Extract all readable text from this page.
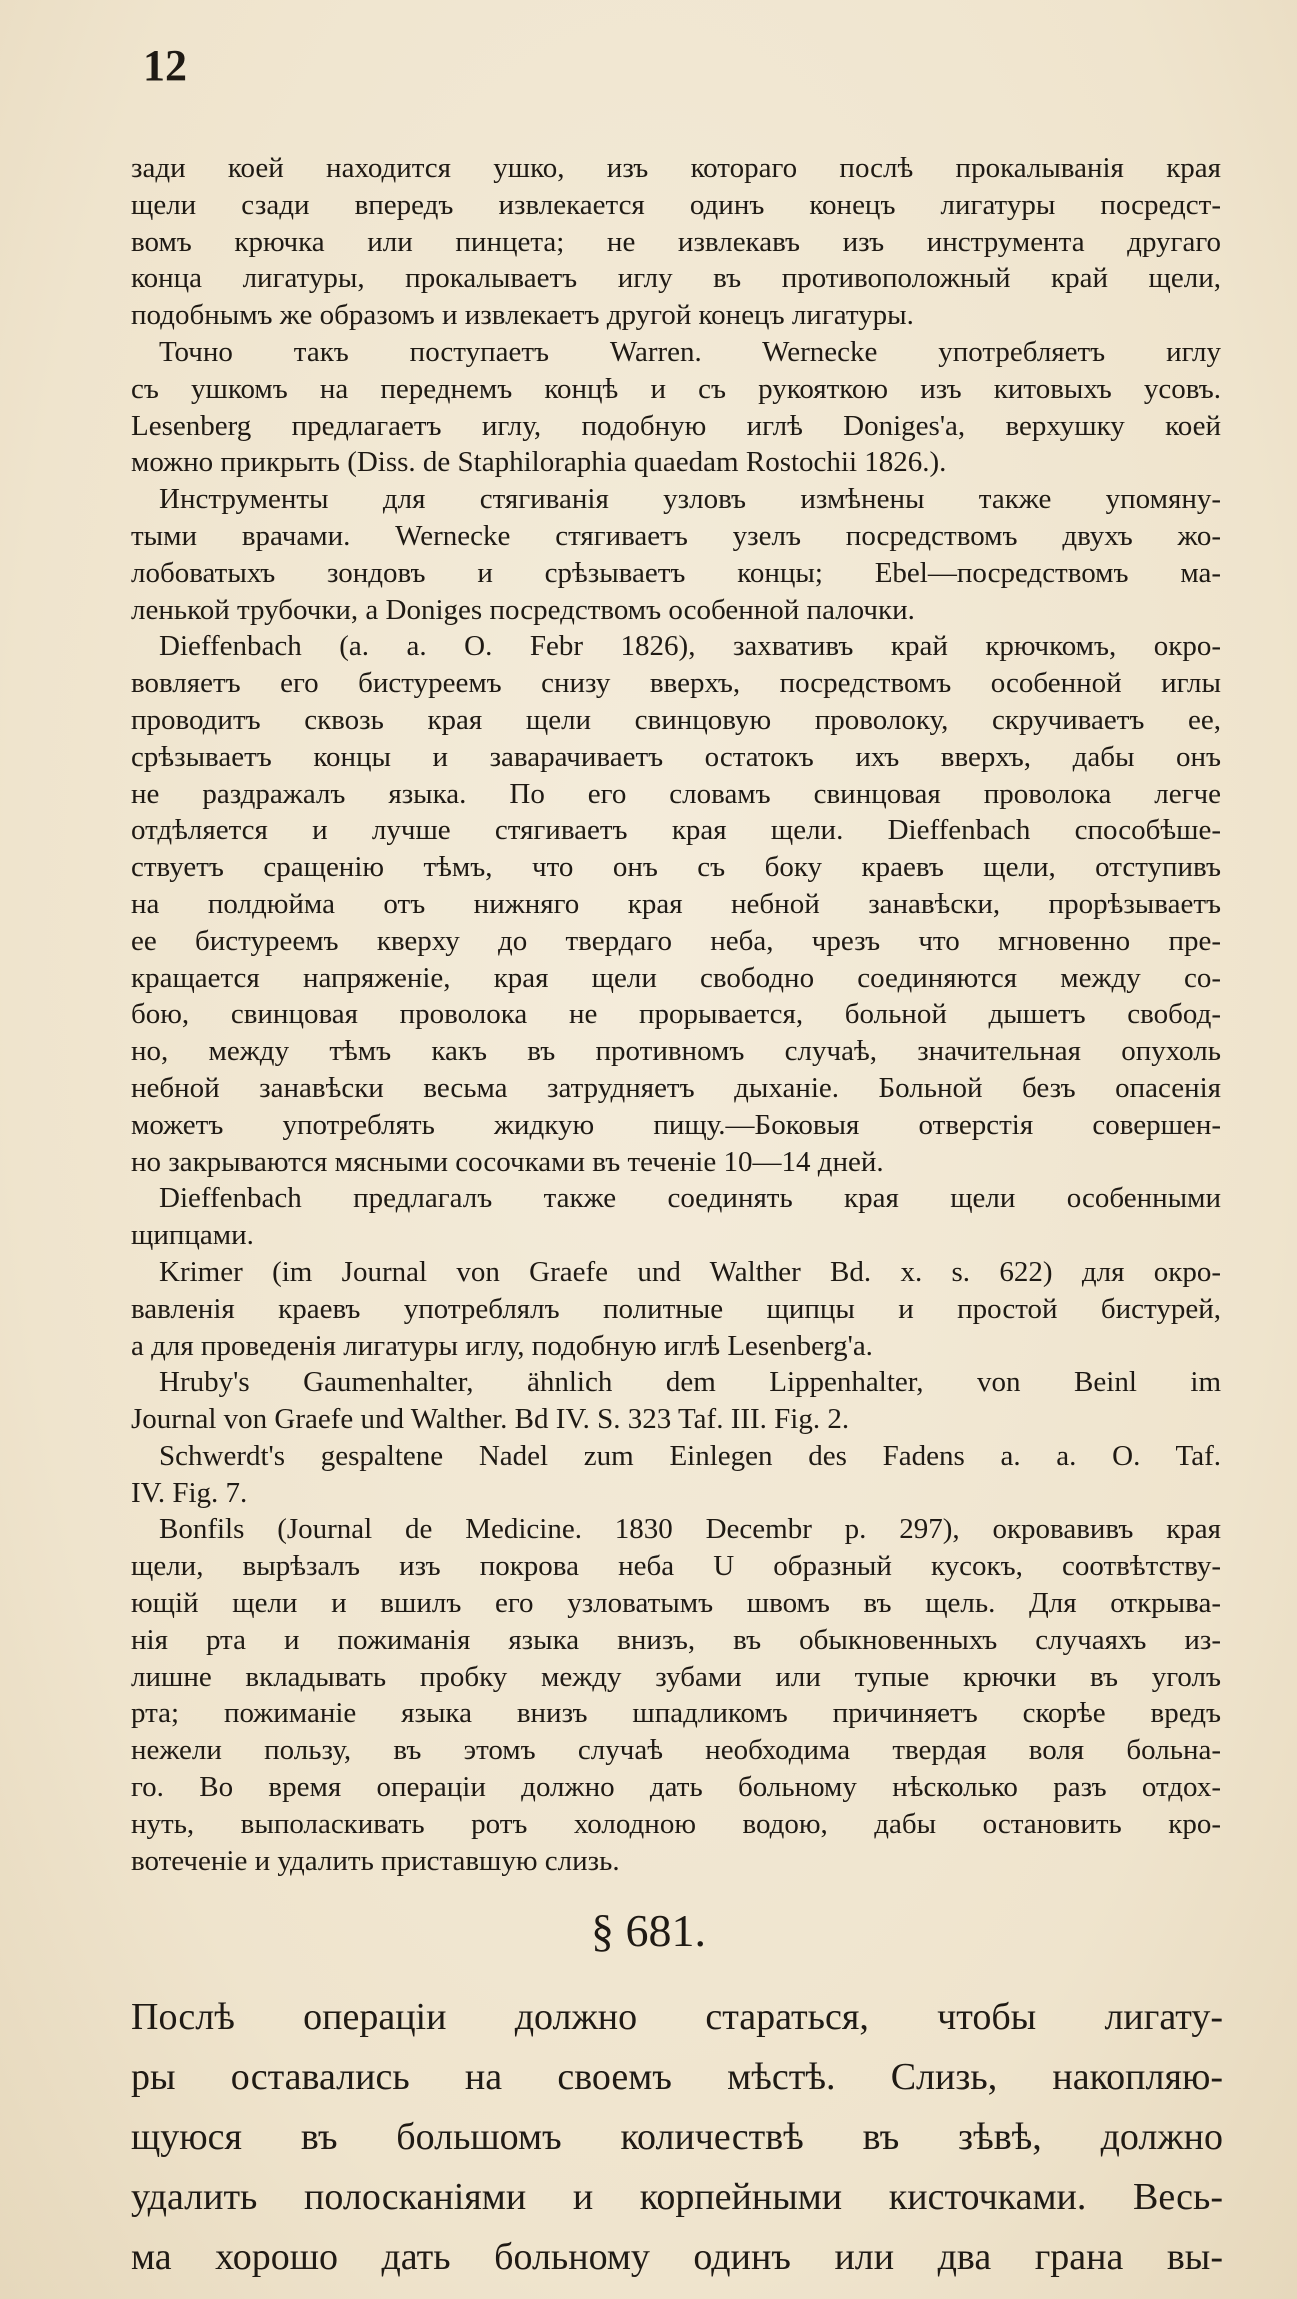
12
зади коей находится ушко, изъ котораго послѣ прокалыванія края
щели сзади впередъ извлекается одинъ конецъ лигатуры посредст-
вомъ крючка или пинцета; не извлекавъ изъ инструмента другаго
конца лигатуры, прокалываетъ иглу въ противоположный край щели,
подобнымъ же образомъ и извлекаетъ другой конецъ лигатуры.
Точно такъ поступаетъ Warren. Wernecke употребляетъ иглу
съ ушкомъ на переднемъ концѣ и съ рукояткою изъ китовыхъ усовъ.
Lesenberg предлагаетъ иглу, подобную иглѣ Doniges'а, верхушку коей
можно прикрыть (Diss. de Staphilorаphia quaedam Rostochii 1826.).
Инструменты для стягиванія узловъ измѣнены также упомяну-
тыми врачами. Wernecke стягиваетъ узелъ посредствомъ двухъ жо-
лобоватыхъ зондовъ и срѣзываетъ концы; Ebel—посредствомъ ма-
ленькой трубочки, а Doniges посредствомъ особенной палочки.
Dieffenbach (a. a. O. Febr 1826), захвативъ край крючкомъ, окро-
вовляетъ его бистуреемъ снизу вверхъ, посредствомъ особенной иглы
проводитъ сквозь края щели свинцовую проволоку, скручиваетъ ее,
срѣзываетъ концы и заварачиваетъ остатокъ ихъ вверхъ, дабы онъ
не раздражалъ языка. По его словамъ свинцовая проволока легче
отдѣляется и лучше стягиваетъ края щели. Dieffenbach способѣше-
ствуетъ сращенію тѣмъ, что онъ съ боку краевъ щели, отступивъ
на полдюйма отъ нижняго края небной занавѣски, прорѣзываетъ
ее бистуреемъ кверху до твердаго неба, чрезъ что мгновенно пре-
кращается напряженіе, края щели свободно соединяются между со-
бою, свинцовая проволока не прорывается, больной дышетъ свобод-
но, между тѣмъ какъ въ противномъ случаѣ, значительная опухоль
небной занавѣски весьма затрудняетъ дыханіе. Больной безъ опасенія
можетъ употреблять жидкую пищу.—Боковыя отверстія совершен-
но закрываются мясными сосочками въ теченіе 10—14 дней.
Dieffenbach предлагалъ также соединять края щели особенными
щипцами.
Krimer (im Journal von Graefe und Walther Bd. x. s. 622) для окро-
вавленія краевъ употреблялъ политные щипцы и простой бистурей,
а для проведенія лигатуры иглу, подобную иглѣ Lesenberg'а.
Hruby's Gaumenhalter, ähnlich dem Lippenhalter, von Beinl im
Journal von Graefe und Walther. Bd IV. S. 323 Taf. III. Fig. 2.
Schwerdt's gespaltene Nadel zum Einlegen des Fadens a. a. O. Taf.
IV. Fig. 7.
Bonfils (Journal de Medicine. 1830 Decembr p. 297), окровавивъ края
щели, вырѣзалъ изъ покрова неба U образный кусокъ, соотвѣтству-
ющій щели и вшилъ его узловатымъ швомъ въ щель. Для открыва-
нія рта и пожиманія языка внизъ, въ обыкновенныхъ случаяхъ из-
лишне вкладывать пробку между зубами или тупые крючки въ уголъ
рта; пожиманіе языка внизъ шпадликомъ причиняетъ скорѣе вредъ
нежели пользу, въ этомъ случаѣ необходима твердая воля больна-
го. Во время операціи должно дать больному нѣсколько разъ отдох-
нуть, выполаскивать ротъ холодною водою, дабы остановить кро-
вотеченіе и удалить приставшую слизь.
§ 681.
Послѣ операціи должно стараться, чтобы лигату-
ры оставались на своемъ мѣстѣ. Слизь, накопляю-
щуюся въ большомъ количествѣ въ зѣвѣ, должно
удалить полосканіями и корпейными кисточками. Весь-
ма хорошо дать больному одинъ или два грана вы-
